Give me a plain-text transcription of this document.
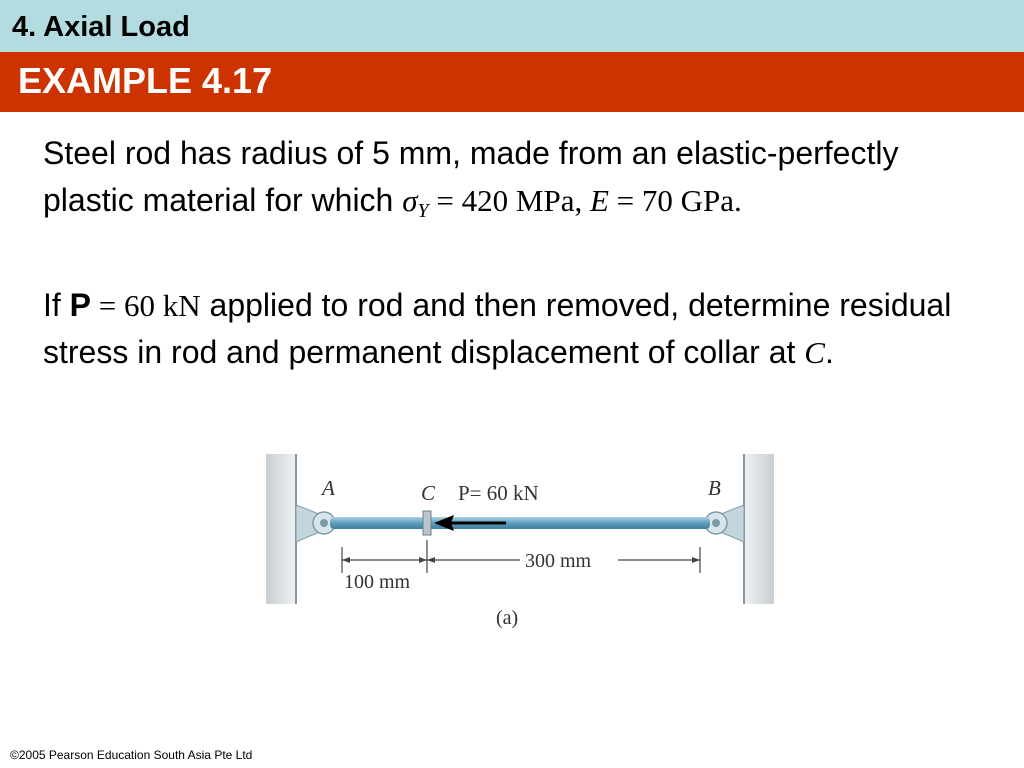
4. Axial Load
EXAMPLE 4.17
Steel rod has radius of 5 mm, made from an elastic-perfectly plastic material for which $\sigma_Y = 420$ MPa, E = 70 GPa.
If P = 60 kN applied to rod and then removed, determine residual stress in rod and permanent displacement of collar at C.
A	B
C P= 60 kN
300 mm
100 mm
(a)
©2005 Pearson Education South Asia Pte Ltd
